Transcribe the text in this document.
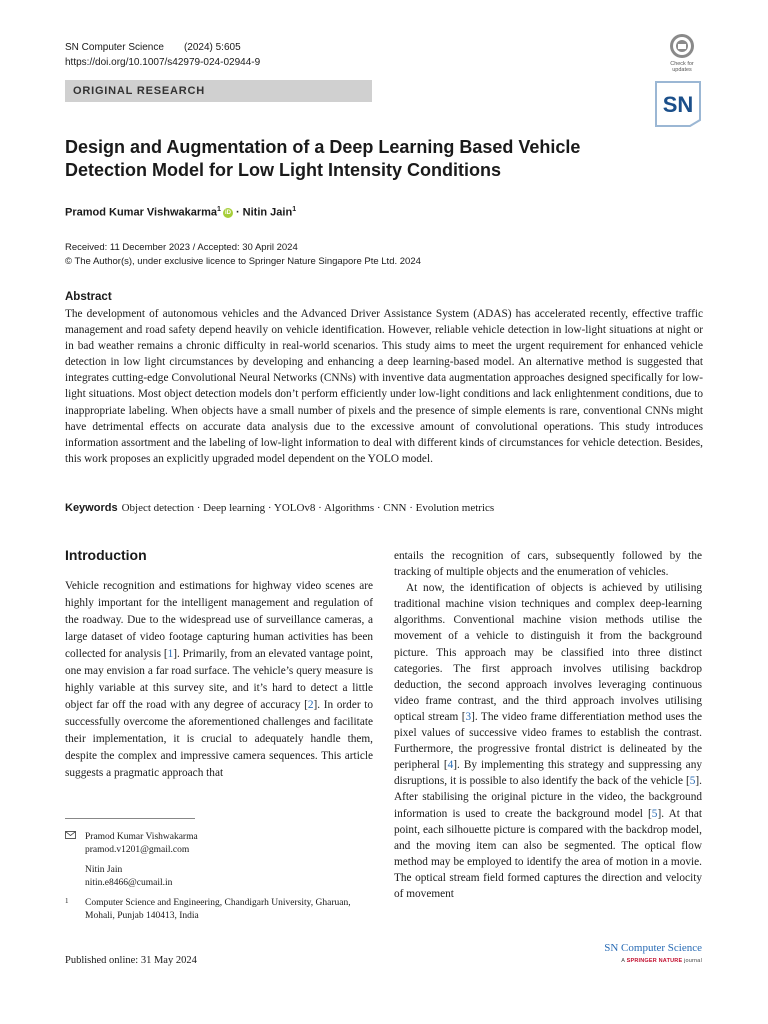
SN Computer Science (2024) 5:605
https://doi.org/10.1007/s42979-024-02944-9
ORIGINAL RESEARCH
Check for
updates
SN
Design and Augmentation of a Deep Learning Based Vehicle Detection Model for Low Light Intensity Conditions
Pramod Kumar Vishwakarma$^1$ iD · Nitin Jain$^1$
Received: 11 December 2023 / Accepted: 30 April 2024
© The Author(s), under exclusive licence to Springer Nature Singapore Pte Ltd. 2024
Abstract
The development of autonomous vehicles and the Advanced Driver Assistance System (ADAS) has accelerated recently, effective traffic management and road safety depend heavily on vehicle identification. However, reliable vehicle detection in low-light situations at night or in bad weather remains a chronic difficulty in real-world scenarios. This study aims to meet the urgent requirement for enhanced vehicle detection in low light circumstances by developing and enhancing a deep learning-based model. An alternative method is suggested that integrates cutting-edge Convolutional Neural Networks (CNNs) with inventive data augmentation approaches designed specifically for low-light situations. Most object detection models don’t perform efficiently under low-light conditions and lack enlightenment conditions, due to inappropriate labeling. When objects have a small number of pixels and the presence of simple elements is rare, conventional CNNs might have detrimental effects on accurate data analysis due to the excessive amount of convolutional operations. This study introduces information assortment and the labeling of low-light information to deal with different kinds of circumstances for vehicle detection. Besides, this work proposes an explicitly upgraded model dependent on the YOLO model.
Keywords Object detection · Deep learning · YOLOv8 · Algorithms · CNN · Evolution metrics
Introduction

Vehicle recognition and estimations for highway video scenes are highly important for the intelligent management and regulation of the roadway. Due to the widespread use of surveillance cameras, a large dataset of video footage capturing human activities has been collected for analysis [1]. Primarily, from an elevated vantage point, one may envision a far road surface. The vehicle’s query measure is highly variable at this survey site, and it’s hard to detect a little object far off the road with any degree of accuracy [2]. In order to successfully overcome the aforementioned challenges and facilitate their implementation, it is crucial to adequately handle them, despite the complex and impressive camera sequences. This article suggests a pragmatic approach that

entails the recognition of cars, subsequently followed by the tracking of multiple objects and the enumeration of vehicles.

At now, the identification of objects is achieved by utilising traditional machine vision techniques and complex deep-learning algorithms. Conventional machine vision methods utilise the movement of a vehicle to distinguish it from the background picture. This approach may be classified into three distinct categories. The first approach involves utilising backdrop deduction, the second approach involves leveraging continuous video frame contrast, and the third approach involves utilising optical stream [3]. The video frame differentiation method uses the pixel values of successive video frames to establish the contrast. Furthermore, the progressive frontal district is delineated by the peripheral [4]. By implementing this strategy and suppressing any disruptions, it is possible to also identify the back of the vehicle [5]. After stabilising the original picture in the video, the background information is used to create the background model [5]. At that point, each silhouette picture is compared with the backdrop model, and the moving item can also be segmented. The optical flow method may be employed to identify the area of motion in a movie. The optical stream field formed captures the direction and velocity of movement

Pramod Kumar Vishwakarma
pramod.v1201@gmail.com
Nitin Jain
nitin.e8466@cumail.in
1 Computer Science and Engineering, Chandigarh University, Gharuan, Mohali, Punjab 140413, India
Published online: 31 May 2024
SN Computer Science
A SPRINGER NATURE journal
